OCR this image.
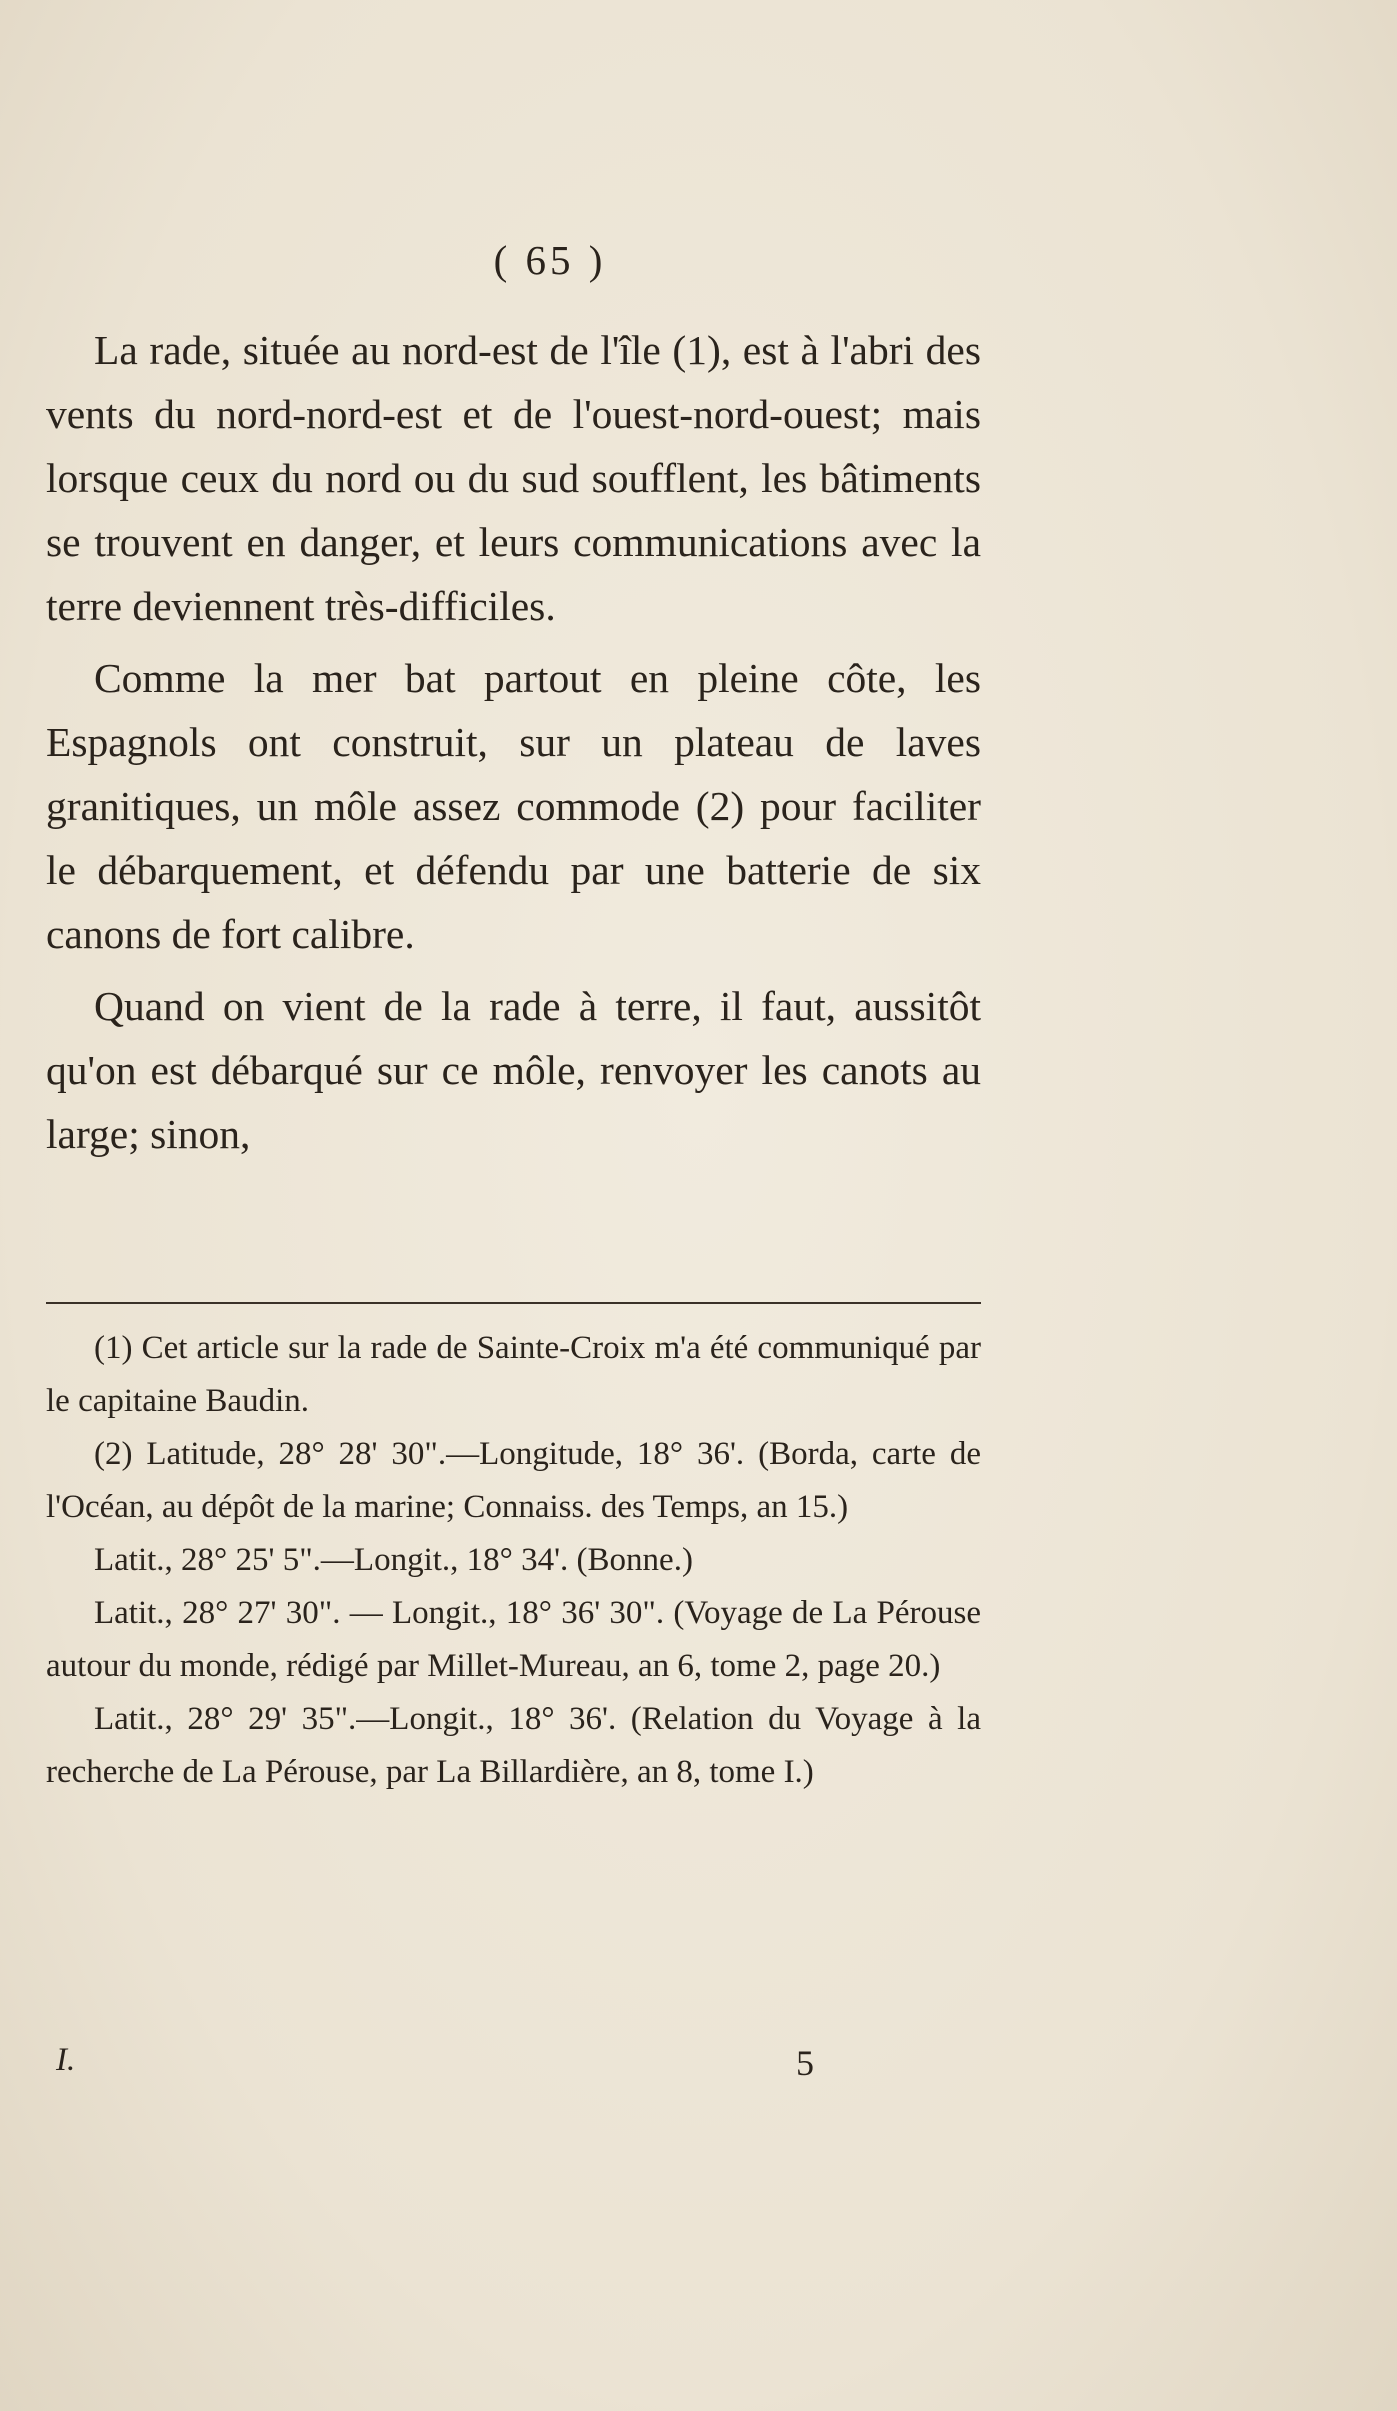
( 65 )

La rade, située au nord-est de l'île (1), est à l'abri des vents du nord-nord-est et de l'ouest-nord-ouest; mais lorsque ceux du nord ou du sud soufflent, les bâtiments se trouvent en danger, et leurs communications avec la terre deviennent très-difficiles.

Comme la mer bat partout en pleine côte, les Espagnols ont construit, sur un plateau de laves granitiques, un môle assez commode (2) pour faciliter le débarquement, et défendu par une batterie de six canons de fort calibre.

Quand on vient de la rade à terre, il faut, aussitôt qu'on est débarqué sur ce môle, renvoyer les canots au large; sinon,

(1) Cet article sur la rade de Sainte-Croix m'a été communiqué par le capitaine Baudin.

(2) Latitude, 28° 28' 30".—Longitude, 18° 36'. (Borda, carte de l'Océan, au dépôt de la marine; Connaiss. des Temps, an 15.)

Latit., 28° 25' 5".—Longit., 18° 34'. (Bonne.)

Latit., 28° 27' 30". — Longit., 18° 36' 30". (Voyage de La Pérouse autour du monde, rédigé par Millet-Mureau, an 6, tome 2, page 20.)

Latit., 28° 29' 35".—Longit., 18° 36'. (Relation du Voyage à la recherche de La Pérouse, par La Billardière, an 8, tome I.)

I.	5
